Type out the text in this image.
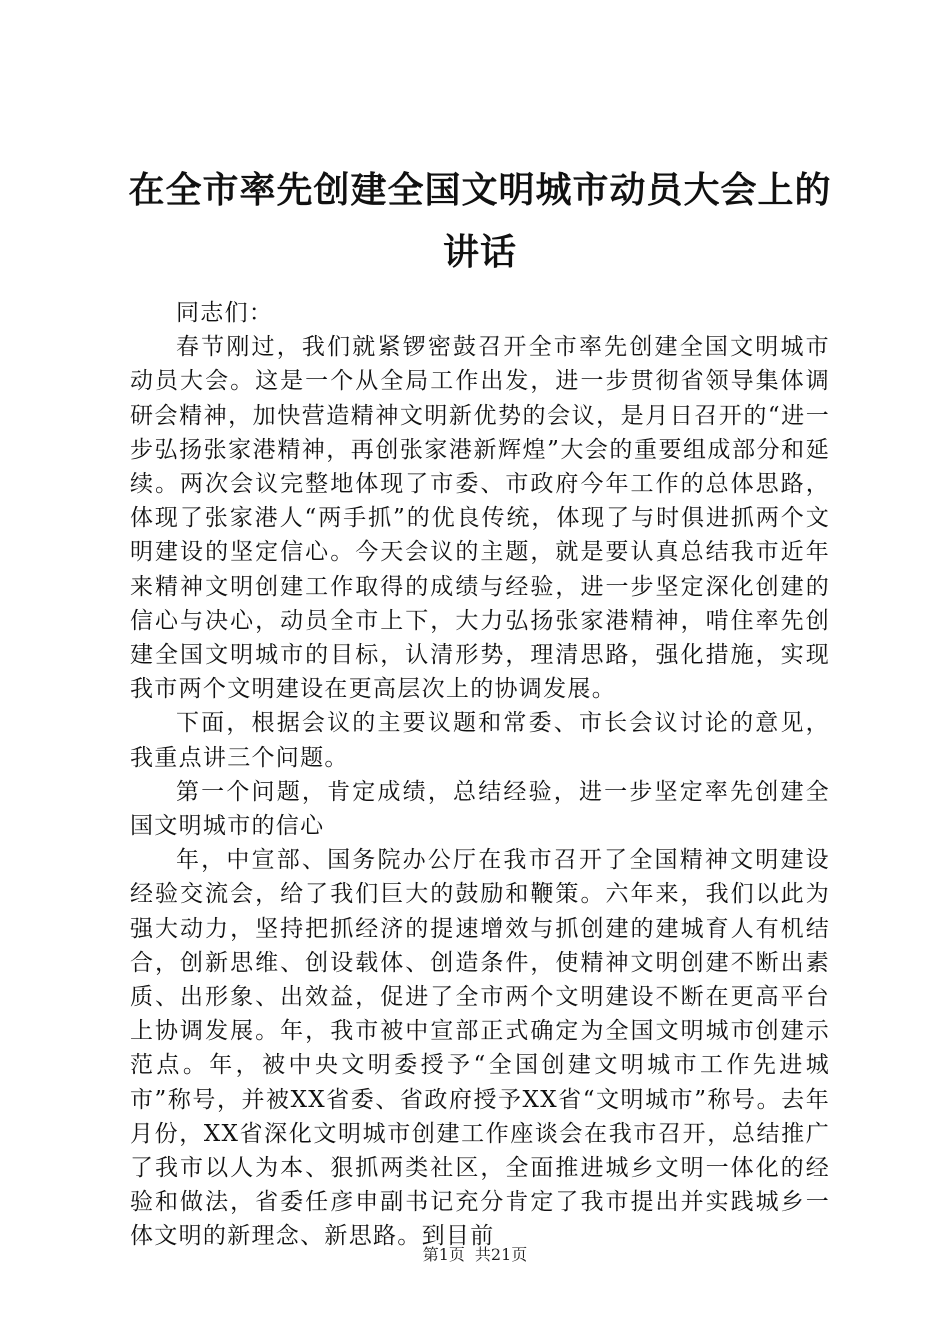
在全市率先创建全国文明城市动员大会上的讲话

同志们：

春节刚过，我们就紧锣密鼓召开全市率先创建全国文明城市动员大会。这是一个从全局工作出发，进一步贯彻省领导集体调研会精神，加快营造精神文明新优势的会议，是月日召开的“进一步弘扬张家港精神，再创张家港新辉煌”大会的重要组成部分和延续。两次会议完整地体现了市委、市政府今年工作的总体思路，体现了张家港人“两手抓”的优良传统，体现了与时俱进抓两个文明建设的坚定信心。今天会议的主题，就是要认真总结我市近年来精神文明创建工作取得的成绩与经验，进一步坚定深化创建的信心与决心，动员全市上下，大力弘扬张家港精神，啃住率先创建全国文明城市的目标，认清形势，理清思路，强化措施，实现我市两个文明建设在更高层次上的协调发展。

下面，根据会议的主要议题和常委、市长会议讨论的意见，我重点讲三个问题。

第一个问题，肯定成绩，总结经验，进一步坚定率先创建全国文明城市的信心

年，中宣部、国务院办公厅在我市召开了全国精神文明建设经验交流会，给了我们巨大的鼓励和鞭策。六年来，我们以此为强大动力，坚持把抓经济的提速增效与抓创建的建城育人有机结合，创新思维、创设载体、创造条件，使精神文明创建不断出素质、出形象、出效益，促进了全市两个文明建设不断在更高平台上协调发展。年，我市被中宣部正式确定为全国文明城市创建示范点。年，被中央文明委授予“全国创建文明城市工作先进城市”称号，并被XX省委、省政府授予XX省“文明城市”称号。去年月份，XX省深化文明城市创建工作座谈会在我市召开，总结推广了我市以人为本、狠抓两类社区，全面推进城乡文明一体化的经验和做法，省委任彦申副书记充分肯定了我市提出并实践城乡一体文明的新理念、新思路。到目前

第1页 共21页
